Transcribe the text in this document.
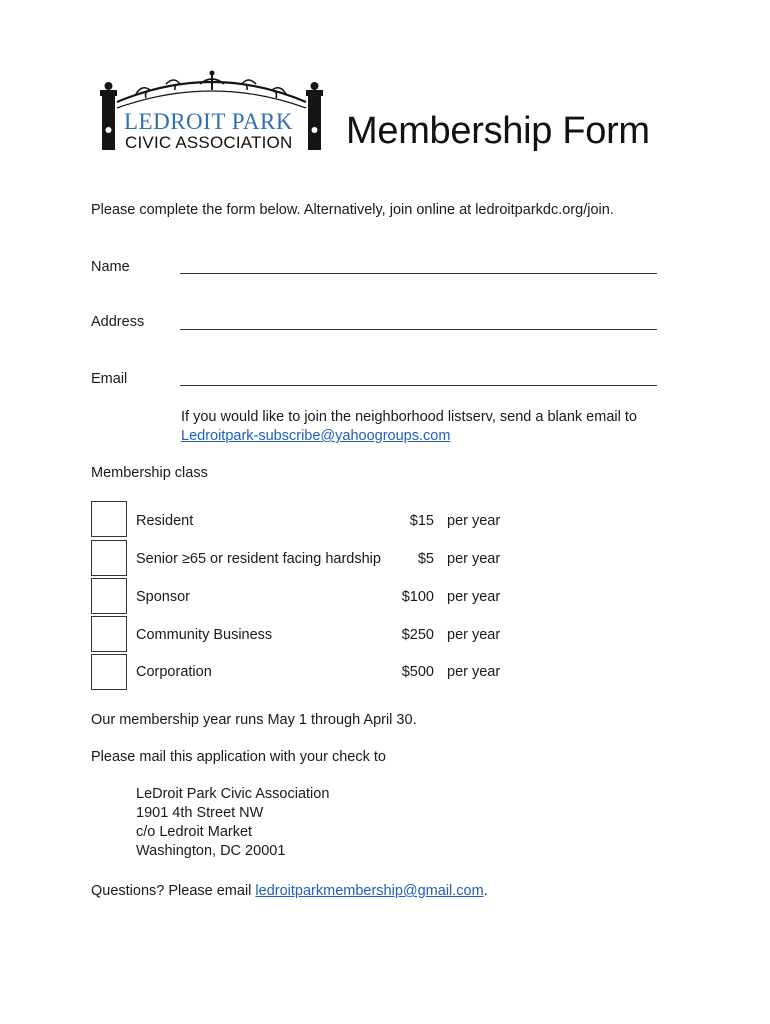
LEDROIT PARK
CIVIC ASSOCIATION Membership Form
Please complete the form below. Alternatively, join online at ledroitparkdc.org/join.
Name
Address
Email
If you would like to join the neighborhood listserv, send a blank email to
Ledroitpark-subscribe@yahoogroups.com
Membership class
Resident	$15 per year
Senior ≥65 or resident facing hardship	$5 per year
Sponsor	$100 per year
Community Business	$250 per year
Corporation	$500 per year
Our membership year runs May 1 through April 30.
Please mail this application with your check to
LeDroit Park Civic Association
1901 4th Street NW
c/o Ledroit Market
Washington, DC 20001
Questions? Please email ledroitparkmembership@gmail.com.
